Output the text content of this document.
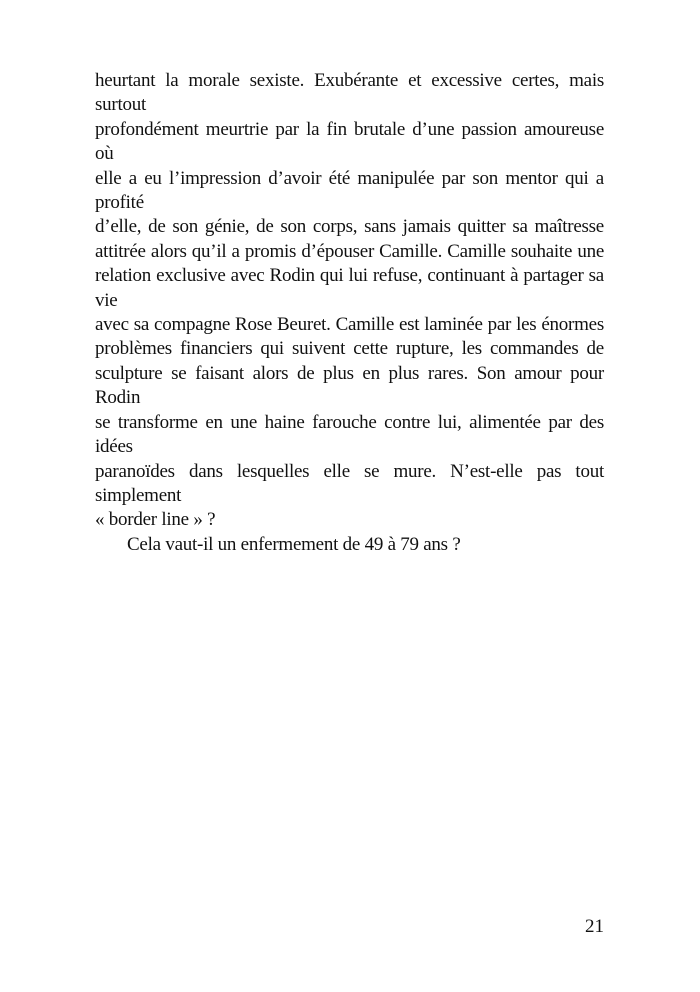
heurtant la morale sexiste. Exubérante et excessive certes, mais surtout
profondément meurtrie par la fin brutale d’une passion amoureuse où
elle a eu l’impression d’avoir été manipulée par son mentor qui a profité
d’elle, de son génie, de son corps, sans jamais quitter sa maîtresse
attitrée alors qu’il a promis d’épouser Camille. Camille souhaite une
relation exclusive avec Rodin qui lui refuse, continuant à partager sa vie
avec sa compagne Rose Beuret. Camille est laminée par les énormes
problèmes financiers qui suivent cette rupture, les commandes de
sculpture se faisant alors de plus en plus rares. Son amour pour Rodin
se transforme en une haine farouche contre lui, alimentée par des idées
paranoïdes dans lesquelles elle se mure. N’est-elle pas tout simplement
« border line » ?

Cela vaut-il un enfermement de 49 à 79 ans ?

21
